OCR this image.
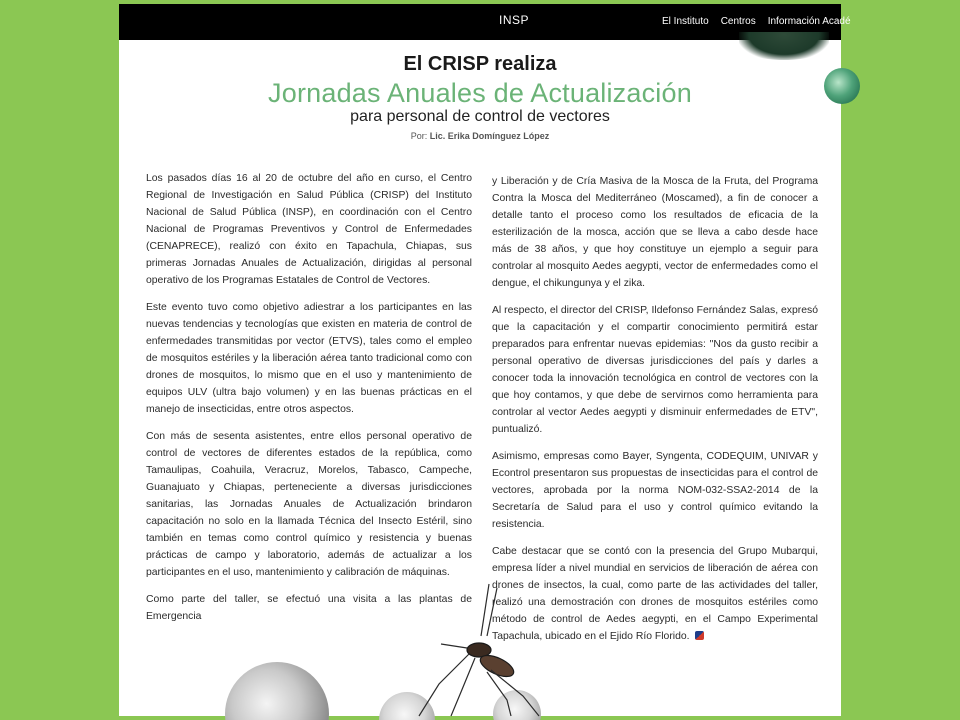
INSP	El Instituto Centros Información Acadé
El CRISP realiza
Jornadas Anuales de Actualización
para personal de control de vectores
Por: Lic. Erika Domínguez López

Los pasados días 16 al 20 de octubre del año en curso, el Centro Regional de Investigación en Salud Pública (CRISP) del Instituto Nacional de Salud Pública (INSP), en coordinación con el Centro Nacional de Programas Preventivos y Control de Enfermedades (CENAPRECE), realizó con éxito en Tapachula, Chiapas, sus primeras Jornadas Anuales de Actualización, dirigidas al personal operativo de los Programas Estatales de Control de Vectores.

Este evento tuvo como objetivo adiestrar a los participantes en las nuevas tendencias y tecnologías que existen en materia de control de enfermedades transmitidas por vector (ETVS), tales como el empleo de mosquitos estériles y la liberación aérea tanto tradicional como con drones de mosquitos, lo mismo que en el uso y mantenimiento de equipos ULV (ultra bajo volumen) y en las buenas prácticas en el manejo de insecticidas, entre otros aspectos.

Con más de sesenta asistentes, entre ellos personal operativo de control de vectores de diferentes estados de la república, como Tamaulipas, Coahuila, Veracruz, Morelos, Tabasco, Campeche, Guanajuato y Chiapas, perteneciente a diversas jurisdicciones sanitarias, las Jornadas Anuales de Actualización brindaron capacitación no solo en la llamada Técnica del Insecto Estéril, sino también en temas como control químico y resistencia y buenas prácticas de campo y laboratorio, además de actualizar a los participantes en el uso, mantenimiento y calibración de máquinas.

Como parte del taller, se efectuó una visita a las plantas de Emergencia

y Liberación y de Cría Masiva de la Mosca de la Fruta, del Programa Contra la Mosca del Mediterráneo (Moscamed), a fin de conocer a detalle tanto el proceso como los resultados de eficacia de la esterilización de la mosca, acción que se lleva a cabo desde hace más de 38 años, y que hoy constituye un ejemplo a seguir para controlar al mosquito Aedes aegypti, vector de enfermedades como el dengue, el chikungunya y el zika.

Al respecto, el director del CRISP, Ildefonso Fernández Salas, expresó que la capacitación y el compartir conocimiento permitirá estar preparados para enfrentar nuevas epidemias: "Nos da gusto recibir a personal operativo de diversas jurisdicciones del país y darles a conocer toda la innovación tecnológica en control de vectores con la que hoy contamos, y que debe de servirnos como herramienta para controlar al vector Aedes aegypti y disminuir enfermedades de ETV", puntualizó.

Asimismo, empresas como Bayer, Syngenta, CODEQUIM, UNIVAR y Econtrol presentaron sus propuestas de insecticidas para el control de vectores, aprobada por la norma NOM-032-SSA2-2014 de la Secretaría de Salud para el uso y control químico evitando la resistencia.

Cabe destacar que se contó con la presencia del Grupo Mubarqui, empresa líder a nivel mundial en servicios de liberación de aérea con drones de insectos, la cual, como parte de las actividades del taller, realizó una demostración con drones de mosquitos estériles como método de control de Aedes aegypti, en el Campo Experimental Tapachula, ubicado en el Ejido Río Florido.
